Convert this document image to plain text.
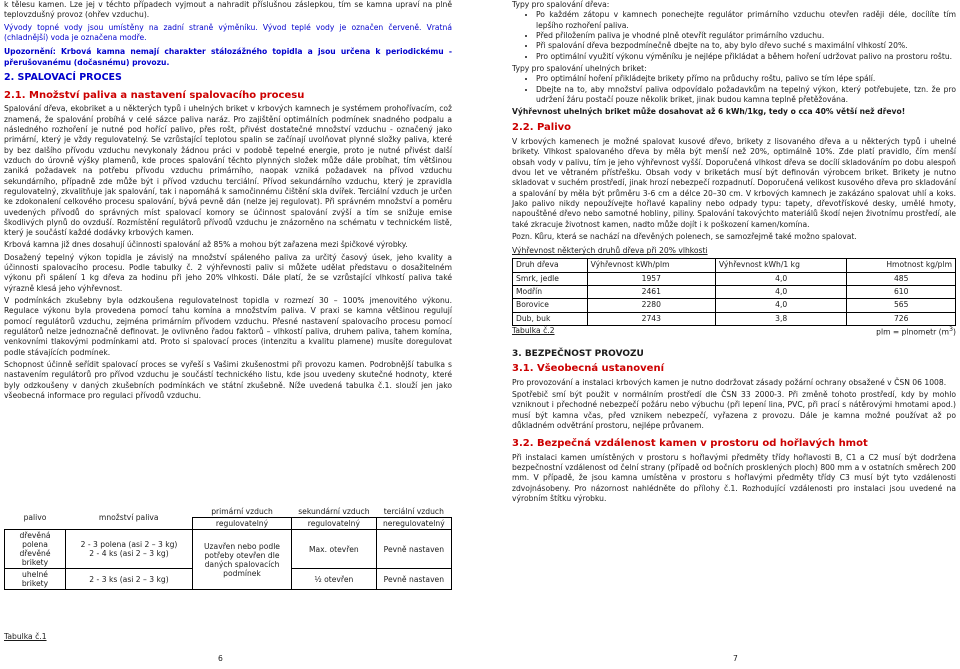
k tělesu kamen. Lze jej v téchto případech vyjmout a nahradit příslušnou záslepkou, tím se kamna upraví na plně teplovzdušný provoz (ohřev vzduchu).

Vývody topné vody jsou umístěny na zadní straně výměníku. Vývod teplé vody je označen červeně. Vratná (chladnější) voda je označena modře.

Upozornění: Krbová kamna nemají charakter stálozážného topidla a jsou určena k periodickému - přerušovanému (dočasnému) provozu.

2. SPALOVACÍ PROCES
2.1. Množství paliva a nastavení spalovacího procesu

Spalování dřeva, ekobriket a u některých typů i uhelných briket v krbových kamnech je systémem prohořívacím, což znamená, že spalování probíhá v celé sázce paliva naráz. Pro zajištění optimálních podmínek snadného podpalu a následného rozhoření je nutné pod hořící palivo, přes rošt, přivést dostatečné množství vzduchu - označený jako primární, který je vždy regulovatelný. Se vzrůstající teplotou spalin se začínají uvolňovat plynné složky paliva, které by bez dalšího přívodu vzduchu nevykonaly žádnou práci v podobě tepelné energie, proto je nutné přivést další vzduch do úrovně výšky plamenů, kde proces spalování těchto plynných složek může dále probíhat, tím většinou zaniká požadavek na potřebu přívodu vzduchu primárního, naopak vzniká požadavek na přívod vzduchu sekundárního, případně zde může být i přívod vzduchu terciální. Přívod sekundárního vzduchu, který je zpravidla regulovatelný, zkvalitňuje jak spalování, tak i napomáhá k samočinnému čištění skla dvířek. Terciální vzduch je určen ke zdokonalení celkového procesu spalování, bývá pevně dán (nelze jej regulovat). Při správném množství a poměru uvedených přívodů do správných míst spalovací komory se účinnost spalování zvýší a tím se snižuje emise škodlivých plynů do ovzduší. Rozmístění regulátorů přívodů vzduchu je znázorněno na schématu v technickém listě, který je součástí každé dodávky krbových kamen.

Krbová kamna již dnes dosahují účinnosti spalování až 85% a mohou být zařazena mezi špičkové výrobky.

Dosažený tepelný výkon topidla je závislý na množství spáleného paliva za určitý časový úsek, jeho kvality a účinnosti spalovacího procesu. Podle tabulky č. 2 výhřevnosti paliv si můžete udělat představu o dosažitelném výkonu při spálení 1 kg dřeva za hodinu při jeho 20% vlhkosti. Dále platí, že se vzrůstající vlhkostí paliva také výrazně klesá jeho výhřevnost.

V podmínkách zkušebny byla odzkoušena regulovatelnost topidla v rozmezí 30 – 100% jmenovitého výkonu. Regulace výkonu byla provedena pomocí tahu komína a množstvím paliva. V praxi se kamna většinou regulují pomocí regulátorů vzduchu, zejména primárním přívodem vzduchu. Přesné nastavení spalovacího procesu pomocí regulátorů nelze jednoznačně definovat. Je ovlivněno řadou faktorů – vlhkostí paliva, druhem paliva, tahem komína, venkovními tlakovými podmínkami atd. Proto si spalovací proces (intenzitu a kvalitu plamene) musíte doregulovat podle stávajících podmínek.

Schopnost účinně seřídit spalovací proces se vyřeší s Vašimi zkušenostmi při provozu kamen. Podrobnější tabulka s nastavením regulátorů pro přívod vzduchu je součástí technického listu, kde jsou uvedeny skutečné hodnoty, které byly odzkoušeny v daných zkušebních podmínkách ve státní zkušebně. Níže uvedená tabulka č.1. slouží jen jako všeobecná informace pro regulaci přívodů vzduchu.

palivo	množství paliva	primární vzduch	sekundární vzduch	terciální vzduch
		regulovatelný	regulovatelný	neregulovatelný
dřevěná polena dřevěné brikety	2 - 3 polena (asi 2 – 3 kg)
2 - 4 ks (asi 2 – 3 kg)	Uzavřen nebo podle potřeby otevřen dle daných spalovacích podmínek	Max. otevřen	Pevně nastaven
uhelné brikety	2 - 3 ks (asi 2 – 3 kg)		½ otevřen	Pevně nastaven
Tabulka č.1
6
Typy pro spalování dřeva:
• Po každém zátopu v kamnech ponechejte regulátor primárního vzduchu otevřen raději déle, docílíte tím lepšího rozhoření paliva.
• Před přiložením paliva je vhodné plně otevřít regulátor primárního vzduchu.
• Při spalování dřeva bezpodmínečně dbejte na to, aby bylo dřevo suché s maximální vlhkostí 20%.
• Pro optimální využití výkonu výměníku je nejlépe přikládat a během hoření udržovat palivo na prostoru roštu.
Typy pro spalování uhelných briket:
• Pro optimální hoření přikládejte brikety přímo na průduchy roštu, palivo se tím lépe spálí.
• Dbejte na to, aby množství paliva odpovídalo požadavkům na tepelný výkon, který potřebujete, tzn. že pro udržení žáru postačí pouze několik briket, jinak budou kamna teplně přetěžována.

Výhřevnost uhelných briket může dosahovat až 6 kWh/1kg, tedy o cca 40% větší než dřevo!

2.2. Palivo

V krbových kamenech je možné spalovat kusové dřevo, brikety z lisovaného dřeva a u některých typů i uhelné brikety. Vlhkost spalovaného dřeva by měla být menší než 20%, optimálně 10%. Zde platí pravidlo, čím menší obsah vody v palivu, tím je jeho výhřevnost vyšší. Doporučená vlhkost dřeva se docílí skladováním po dobu alespoň dvou let ve větraném přístřešku. Obsah vody v briketách musí být definován výrobcem briket. Brikety je nutno skladovat v suchém prostředí, jinak hrozí nebezpečí rozpadnutí. Doporučená velikost kusového dřeva pro skladování a spalování by měla být průměru 3-6 cm a délce 20–30 cm. V krbových kamnech je zakázáno spalovat uhlí a koks. Jako palivo nikdy nepoužívejte hořlavé kapaliny nebo odpady typu: tapety, dřevotřískové desky, umělé hmoty, napouštěné dřevo nebo samotné hobliny, piliny. Spalování takovýchto materiálů škodí nejen životnímu prostředí, ale také zkracuje životnost kamen, nadto může dojít i k poškození kamen/komína.

Pozn. Kůru, která se nachází na dřevěných polenech, se samozřejmě také možno spalovat.

Výhřevnost některých druhů dřeva při 20% vlhkosti
Druh dřeva	Výhřevnost kWh/plm	Výhřevnost kWh/1 kg	Hmotnost kg/plm
Smrk, jedle	1957	4,0	485
Modřín	2461	4,0	610
Borovice	2280	4,0	565
Dub, buk	2743	3,8	726
Tabulka č.2	plm = plnometr $(m^3)$
3. BEZPEČNOST PROVOZU
3.1. Všeobecná ustanovení

Pro provozování a instalaci krbových kamen je nutno dodržovat zásady požární ochrany obsažené v ČSN 06 1008.

Spotřebič smí být použit v normálním prostředí dle ČSN 33 2000-3. Při změně tohoto prostředí, kdy by mohlo vzniknout i přechodné nebezpečí požáru nebo výbuchu (při lepení lina, PVC, při prací s nátěrovými hmotami apod.) musí být kamna včas, před vznikem nebezpečí, vyřazena z provozu. Dále je kamna možné používat až po důkladném odvětrání prostoru, nejlépe průvanem.

3.2. Bezpečná vzdálenost kamen v prostoru od hořlavých hmot

Při instalaci kamen umístěných v prostoru s hořlavými předměty třídy hořlavosti B, C1 a C2 musí být dodržena bezpečnostní vzdálenost od čelní strany (případě od bočních prosklených ploch) 800 mm a v ostatních směrech 200 mm. V případě, že jsou kamna umístěna v prostoru s hořlavými předměty třídy C3 musí být tyto vzdálenosti zdvojnásobeny. Pro názornost nahlédněte do přílohy č.1. Rozhodující vzdálenosti pro instalaci jsou uvedené na výrobním štítku výrobku.

7
